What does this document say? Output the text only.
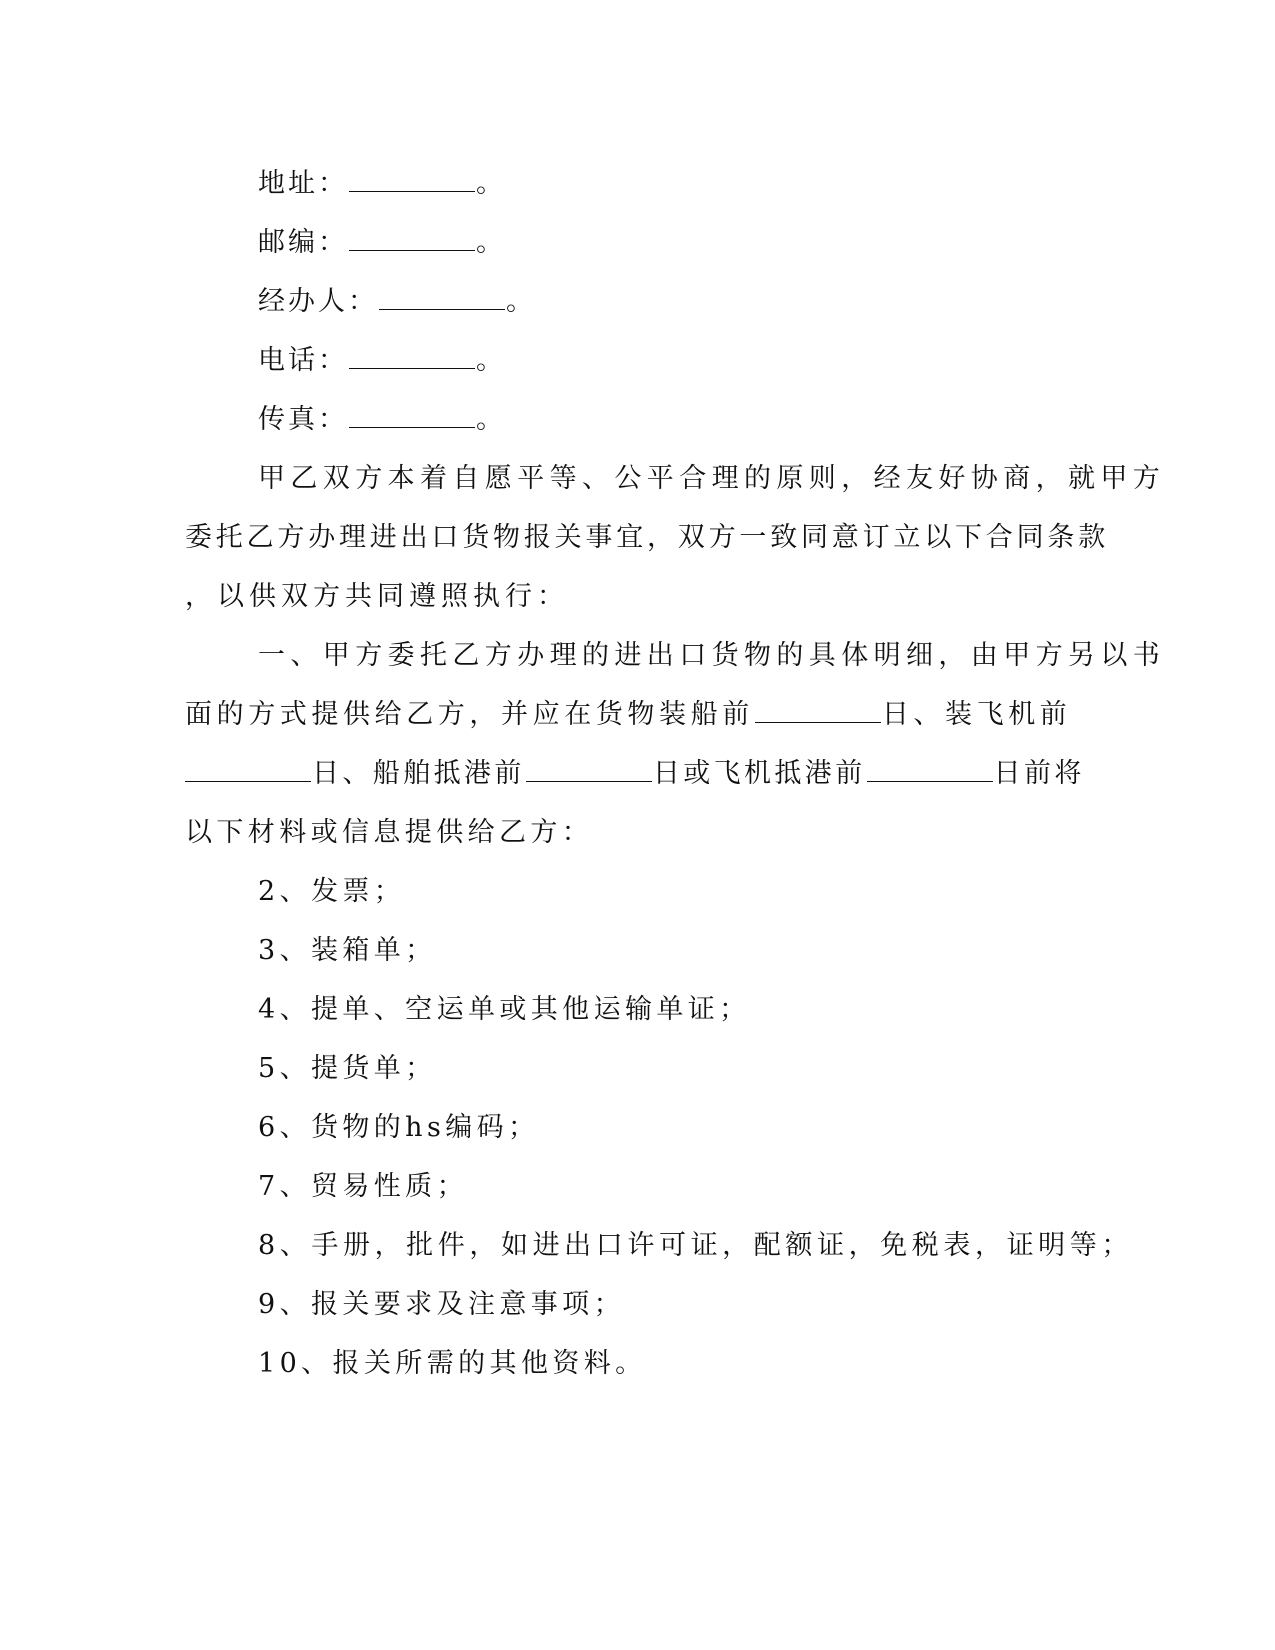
地址：	。
邮编：	。
经办人：	。
电话：	。
传真：	。
甲乙双方本着自愿平等、公平合理的原则，经友好协商，就甲方
委托乙方办理进出口货物报关事宜，双方一致同意订立以下合同条款
，以供双方共同遵照执行：
一、甲方委托乙方办理的进出口货物的具体明细，由甲方另以书
面的方式提供给乙方，并应在货物装船前	日、装飞机前
日、船舶抵港前	日或飞机抵港前	日前将
以下材料或信息提供给乙方：
2、发票；
3、装箱单；
4、提单、空运单或其他运输单证；
5、提货单；
6、货物的hs编码；
7、贸易性质；
8、手册，批件，如进出口许可证，配额证，免税表，证明等；
9、报关要求及注意事项；
10、报关所需的其他资料。
